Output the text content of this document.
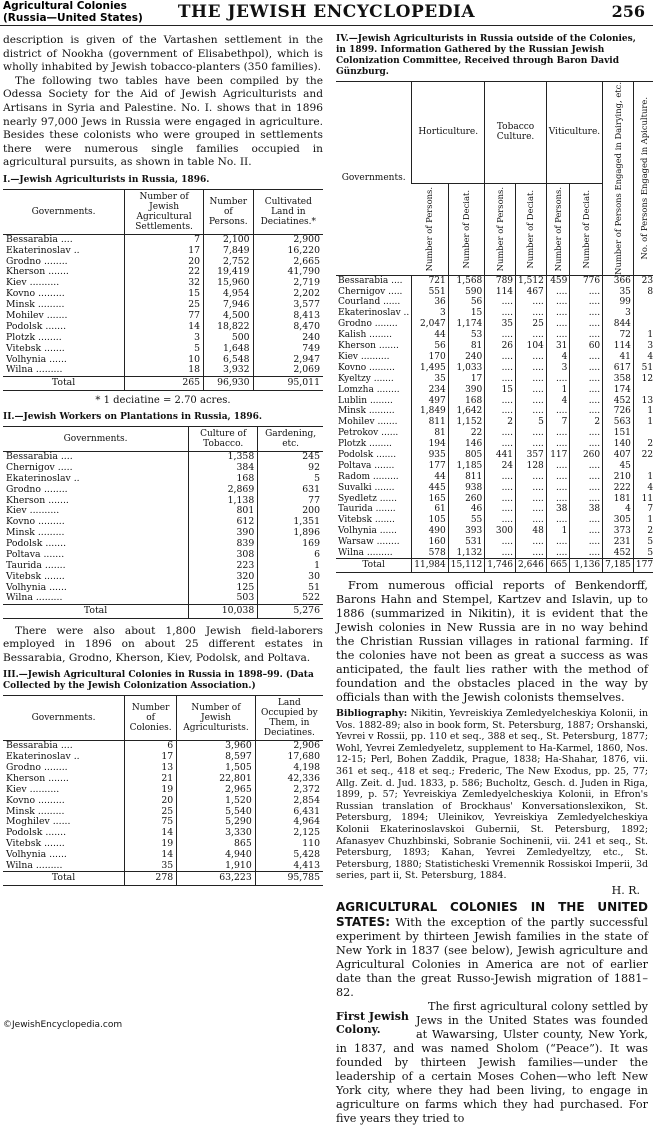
Agricultural Colonies
(Russia—United States)	THE JEWISH ENCYCLOPEDIA	256

description is given of the Vartashen settlement in the district of Nookha (government of Elisabethpol), which is wholly inhabited by Jewish tobacco-planters (350 families).

The following two tables have been compiled by the Odessa Society for the Aid of Jewish Agriculturists and Artisans in Syria and Palestine. No. I. shows that in 1896 nearly 97,000 Jews in Russia were engaged in agriculture. Besides these colonists who were grouped in settlements there were numerous single families occupied in agricultural pursuits, as shown in table No. II.

I.—Jewish Agriculturists in Russia, 1896.
Governments.	Number of Jewish Agricultural Settlements.	Number of Persons.	Cultivated Land in Deciatines.*
Bessarabia ....	7	2,100	2,900
Ekaterinoslav ..	17	7,849	16,220
Grodno ........	20	2,752	2,665
Kherson .......	22	19,419	41,790
Kiev ..........	32	15,960	2,719
Kovno .........	15	4,954	2,202
Minsk .........	25	7,946	3,577
Mohilev .......	77	4,500	8,413
Podolsk .......	14	18,822	8,470
Plotzk ........	3	500	240
Vitebsk .......	5	1,648	749
Volhynia ......	10	6,548	2,947
Wilna .........	18	3,932	2,069
Total	265	96,930	95,011
* 1 deciatine = 2.70 acres.
II.—Jewish Workers on Plantations in Russia, 1896.
Governments.	Culture of Tobacco.	Gardening, etc.
Bessarabia ....	1,358	245
Chernigov .....	384	92
Ekaterinoslav ..	168	5
Grodno ........	2,869	631
Kherson .......	1,138	77
Kiev ..........	801	200
Kovno .........	612	1,351
Minsk .........	390	1,896
Podolsk .......	839	169
Poltava .......	308	6
Taurida .......	223	1
Vitebsk .......	320	30
Volhynia ......	125	51
Wilna .........	503	522
Total	10,038	5,276

There were also about 1,800 Jewish field-laborers employed in 1896 on about 25 different estates in Bessarabia, Grodno, Kherson, Kiev, Podolsk, and Poltava.

III.—Jewish Agricultural Colonies in Russia in 1898–99. (Data Collected by the Jewish Colonization Association.)
Governments.	Number of Colonies.	Number of Jewish Agriculturists.	Land Occupied by Them, in Deciatines.
Bessarabia ....	6	3,960	2,906
Ekaterinoslav ..	17	8,597	17,680
Grodno ........	13	1,505	4,198
Kherson .......	21	22,801	42,336
Kiev ..........	19	2,965	2,372
Kovno .........	20	1,520	2,854
Minsk .........	25	5,540	6,431
Moghilev ......	75	5,290	4,964
Podolsk .......	14	3,330	2,125
Vitebsk .......	19	865	110
Volhynia ......	14	4,940	5,428
Wilna .........	35	1,910	4,413
Total	278	63,223	95,785
IV.—Jewish Agriculturists in Russia outside of the Colonies, in 1899. Information Gathered by the Russian Jewish Colonization Committee, Received through Baron David Günzburg.
Governments.	Horticulture.		Tobacco Culture.		Viticulture.		Number of Persons Engaged in Dairying, etc.	No. of Persons Engaged in Apiculture.

	Number of Persons.	Number of Deciat.	Number of Persons.	Number of Deciat.	Number of Persons.	Number of Deciat.		

Bessarabia ....	721	1,568	789	1,512	459	776	366	23
Chernigov .....	551	590	114	467	....	....	35	8
Courland ......	36	56	....	....	....	....	99	
Ekaterinoslav ..	3	15	....	....	....	....	3	
Grodno ........	2,047	1,174	35	25	....	....	844	
Kalish ........	44	53	....	....	....	....	72	1
Kherson .......	56	81	26	104	31	60	114	3
Kiev ..........	170	240	....	....	4	....	41	4
Kovno .........	1,495	1,033	....	....	3	....	617	51
Kyeltzy .......	35	17	....	....	....	....	358	12
Lomzha ........	234	390	15	....	1	....	174	
Lublin ........	497	168	....	....	4	....	452	13
Minsk .........	1,849	1,642	....	....	....	....	726	1
Mohilev .......	811	1,152	2	5	7	2	563	1
Petrokov ......	81	22	....	....	....	....	151	
Plotzk ........	194	146	....	....	....	....	140	2
Podolsk .......	935	805	441	357	117	260	407	22
Poltava .......	177	1,185	24	128	....	....	45	
Radom .........	44	811	....	....	....	....	210	1
Suvalki .......	445	938	....	....	....	....	222	4
Syedletz ......	165	260	....	....	....	....	181	11
Taurida .......	61	46	....	....	38	38	4	7
Vitebsk .......	105	55	....	....	....	....	305	1
Volhynia ......	490	393	300	48	1	....	373	2
Warsaw ........	160	531	....	....	....	....	231	5
Wilna .........	578	1,132	....	....	....	....	452	5
Total	11,984	15,112	1,746	2,646	665	1,136	7,185	177

From numerous official reports of Benkendorff, Barons Hahn and Stempel, Kartzev and Islavin, up to 1886 (summarized in Nikitin), it is evident that the Jewish colonies in New Russia are in no way behind the Christian Russian villages in rational farming. If the colonies have not been as great a success as was anticipated, the fault lies rather with the method of foundation and the obstacles placed in the way by officials than with the Jewish colonists themselves.

Bibliography: Nikitin, Yevreiskiya Zemledyelcheskiya Kolonii, in Vos. 1882-89; also in book form, St. Petersburg, 1887; Orshanski, Yevrei v Rossii, pp. 110 et seq., 388 et seq., St. Petersburg, 1877; Wohl, Yevrei Zemledyeletz, supplement to Ha-Karmel, 1860, Nos. 12-15; Perl, Bohen Zaddik, Prague, 1838; Ha-Shahar, 1876, vii. 361 et seq., 418 et seq.; Frederic, The New Exodus, pp. 25, 77; Allg. Zeit. d. Jud. 1833, p. 586; Bucholtz, Gesch. d. Juden in Riga, 1899, p. 57; Yevreiskiya Zemledyelcheskiya Kolonii, in Efron's Russian translation of Brockhaus' Konversationslexikon, St. Petersburg, 1894; Uleinikov, Yevreiskiya Zemledyelcheskiya Kolonii Ekaterinoslavskoi Gubernii, St. Petersburg, 1892; Afanasyev Chuzhbinski, Sobranie Sochinenii, vii. 241 et seq., St. Petersburg, 1893; Kahan, Yevrei Zemledyeltzy, etc., St. Petersburg, 1880; Statisticheski Vremennik Rossiskoi Imperii, 3d series, part ii, St. Petersburg, 1884.

H. R.

AGRICULTURAL COLONIES IN THE UNITED STATES: With the exception of the partly successful experiment by thirteen Jewish families in the state of New York in 1837 (see below), Jewish agriculture and Agricultural Colonies in America are not of earlier date than the great Russo-Jewish migration of 1881–82.

First Jewish Colony.

The first agricultural colony settled by Jews in the United States was founded at Wawarsing, Ulster county, New York, in 1837, and was named Sholom (“Peace”). It was founded by thirteen Jewish families—under the leadership of a certain Moses Cohen—who left New York city, where they had been living, to engage in agriculture on farms which they had purchased. For five years they tried to

©JewishEncyclopedia.com
